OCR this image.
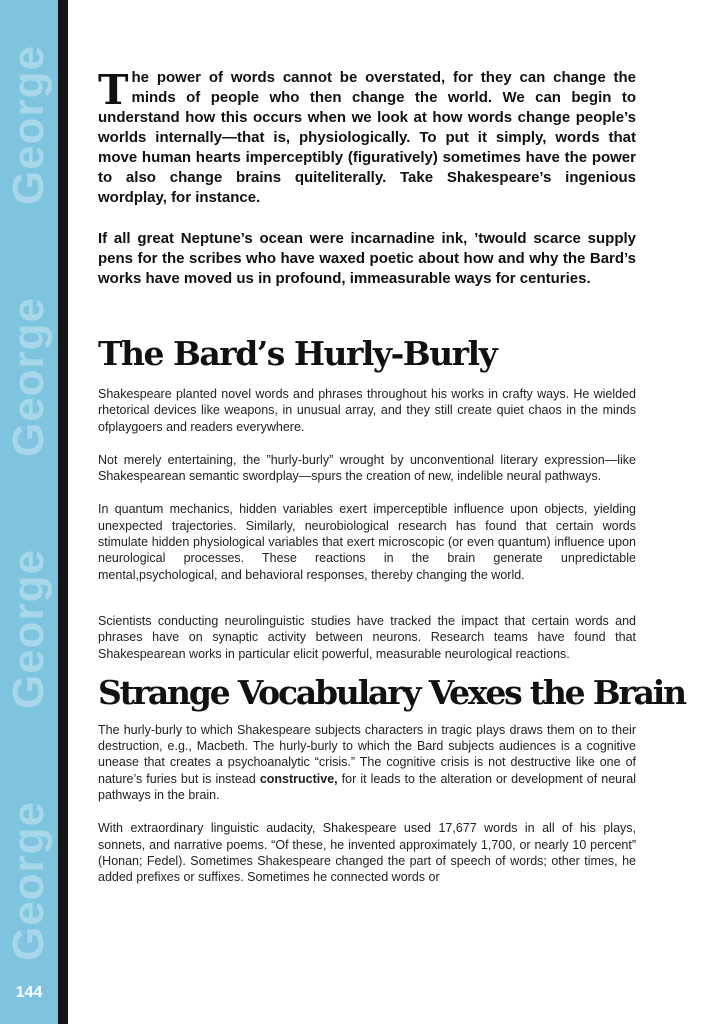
George
George
George
George
144

The power of words cannot be overstated, for they can change the minds of people who then change the world. We can begin to understand how this occurs when we look at how words change people’s worlds internally—that is, physiologically. To put it simply, words that move human hearts imperceptibly (figuratively) sometimes have the power to also change brains quiteliterally. Take Shakespeare’s ingenious wordplay, for instance.

If all great Neptune’s ocean were incarnadine ink, ’twould scarce supply pens for the scribes who have waxed poetic about how and why the Bard’s works have moved us in profound, immeasurable ways for centuries.

The Bard’s Hurly-Burly

Shakespeare planted novel words and phrases throughout his works in crafty ways. He wielded rhetorical devices like weapons, in unusual array, and they still create quiet chaos in the minds ofplaygoers and readers everywhere.

Not merely entertaining, the ”hurly-burly” wrought by unconventional literary expression—like Shakespearean semantic swordplay—spurs the creation of new, indelible neural pathways.

In quantum mechanics, hidden variables exert imperceptible influence upon objects, yielding unexpected trajectories. Similarly, neurobiological research has found that certain words stimulate hidden physiological variables that exert microscopic (or even quantum) influence upon neurological processes. These reactions in the brain generate unpredictable mental,psychological, and behavioral responses, thereby changing the world.

Scientists conducting neurolinguistic studies have tracked the impact that certain words and phrases have on synaptic activity between neurons. Research teams have found that Shakespearean works in particular elicit powerful, measurable neurological reactions.

Strange Vocabulary Vexes the Brain

The hurly-burly to which Shakespeare subjects characters in tragic plays draws them on to their destruction, e.g., Macbeth. The hurly-burly to which the Bard subjects audiences is a cognitive unease that creates a psychoanalytic “crisis.” The cognitive crisis is not destructive like one of nature’s furies but is instead constructive, for it leads to the alteration or development of neural pathways in the brain.

With extraordinary linguistic audacity, Shakespeare used 17,677 words in all of his plays, sonnets, and narrative poems. “Of these, he invented approximately 1,700, or nearly 10 percent” (Honan; Fedel). Sometimes Shakespeare changed the part of speech of words; other times, he added prefixes or suffixes. Sometimes he connected words or
